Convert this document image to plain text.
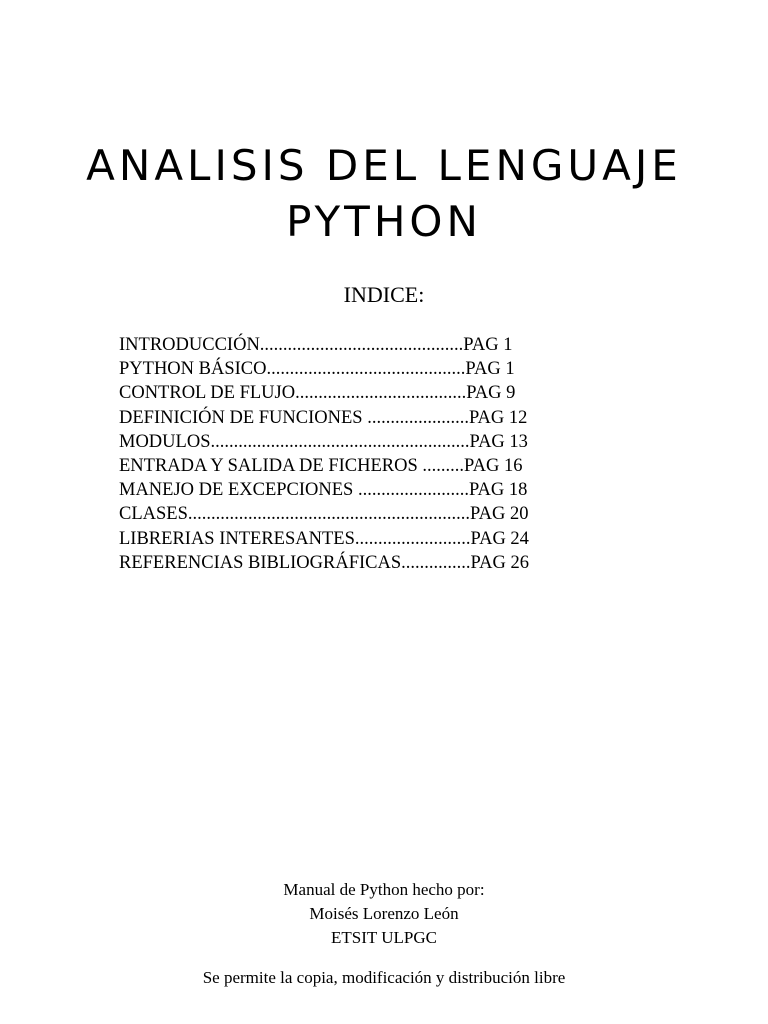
ANALISIS DEL LENGUAJE
PYTHON
INDICE:
INTRODUCCIÓN............................................PAG 1
PYTHON BÁSICO...........................................PAG 1
CONTROL DE FLUJO.....................................PAG 9
DEFINICIÓN DE FUNCIONES ......................PAG 12
MODULOS........................................................PAG 13
ENTRADA Y SALIDA DE FICHEROS .........PAG 16
MANEJO DE EXCEPCIONES ........................PAG 18
CLASES.............................................................PAG 20
LIBRERIAS INTERESANTES.........................PAG 24
REFERENCIAS BIBLIOGRÁFICAS...............PAG 26

Manual de Python hecho por:

Moisés Lorenzo León

ETSIT ULPGC

Se permite la copia, modificación y distribución libre
